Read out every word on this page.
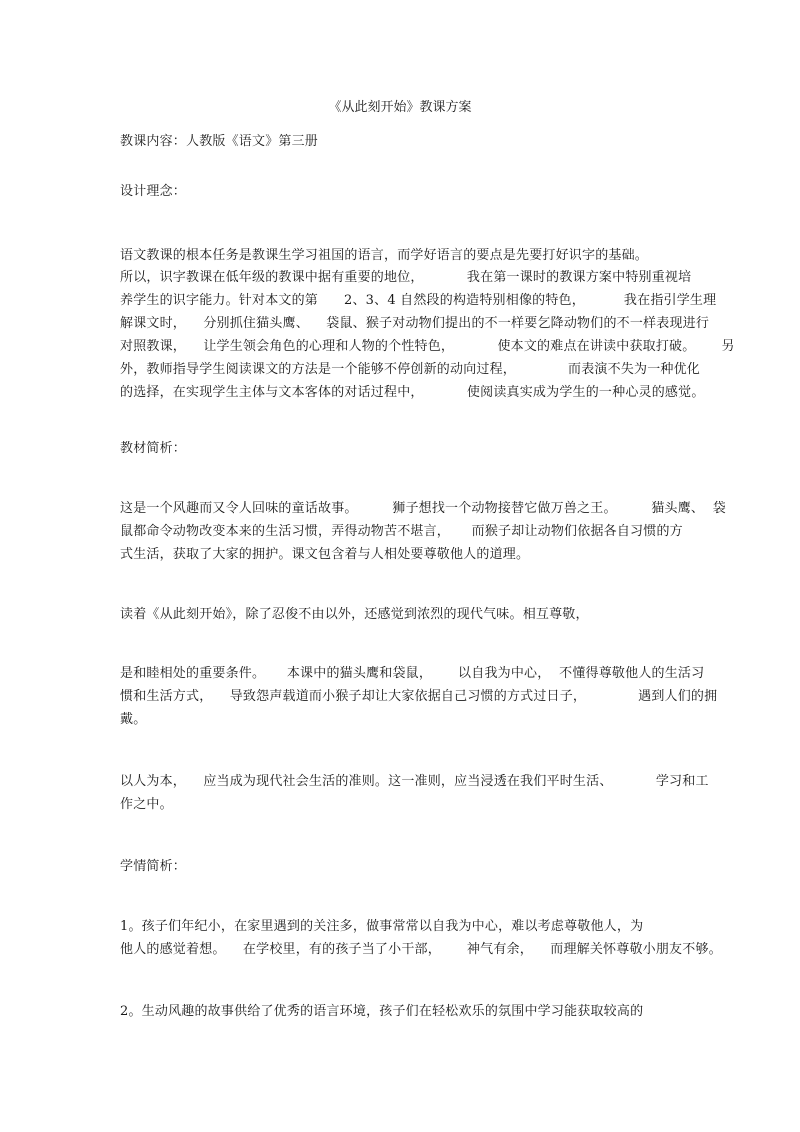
《从此刻开始》教课方案
教课内容：人教版《语文》第三册
设计理念：
语文教课的根本任务是教课生学习祖国的语言，而学好语言的要点是先要打好识字的基础。
所以，识字教课在低年级的教课中据有重要的地位，          我在第一课时的教课方案中特别重视培
养学生的识字能力。针对本文的第      2、3、4 自然段的构造特别相像的特色，         我在指引学生理
解课文时，    分别抓住猫头鹰、    袋鼠、猴子对动物们提出的不一样要乞降动物们的不一样表现进行
对照教课，    让学生领会角色的心理和人物的个性特色，          使本文的难点在讲读中获取打破。      另
外，教师指导学生阅读课文的方法是一个能够不停创新的动向过程，            而表演不失为一种优化
的选择，在实现学生主体与文本客体的对话过程中，          使阅读真实成为学生的一种心灵的感觉。
教材简析：
这是一个风趣而又令人回味的童话故事。        狮子想找一个动物接替它做万兽之王。        猫头鹰、  袋
鼠都命令动物改变本来的生活习惯，弄得动物苦不堪言，     而猴子却让动物们依据各自习惯的方
式生活，获取了大家的拥护。课文包含着与人相处要尊敬他人的道理。
读着《从此刻开始》，除了忍俊不由以外，还感觉到浓烈的现代气味。相互尊敬，
是和睦相处的重要条件。     本课中的猫头鹰和袋鼠，      以自我为中心，  不懂得尊敬他人的生活习
惯和生活方式，    导致怨声载道而小猴子却让大家依据自己习惯的方式过日子，            遇到人们的拥
戴。
以人为本，    应当成为现代社会生活的准则。这一准则，应当浸透在我们平时生活、          学习和工
作之中。
学情简析：
1。孩子们年纪小，在家里遇到的关注多，做事常常以自我为中心，难以考虑尊敬他人，为
他人的感觉着想。    在学校里，有的孩子当了小干部，      神气有余，    而理解关怀尊敬小朋友不够。
2。生动风趣的故事供给了优秀的语言环境，孩子们在轻松欢乐的氛围中学习能获取较高的
